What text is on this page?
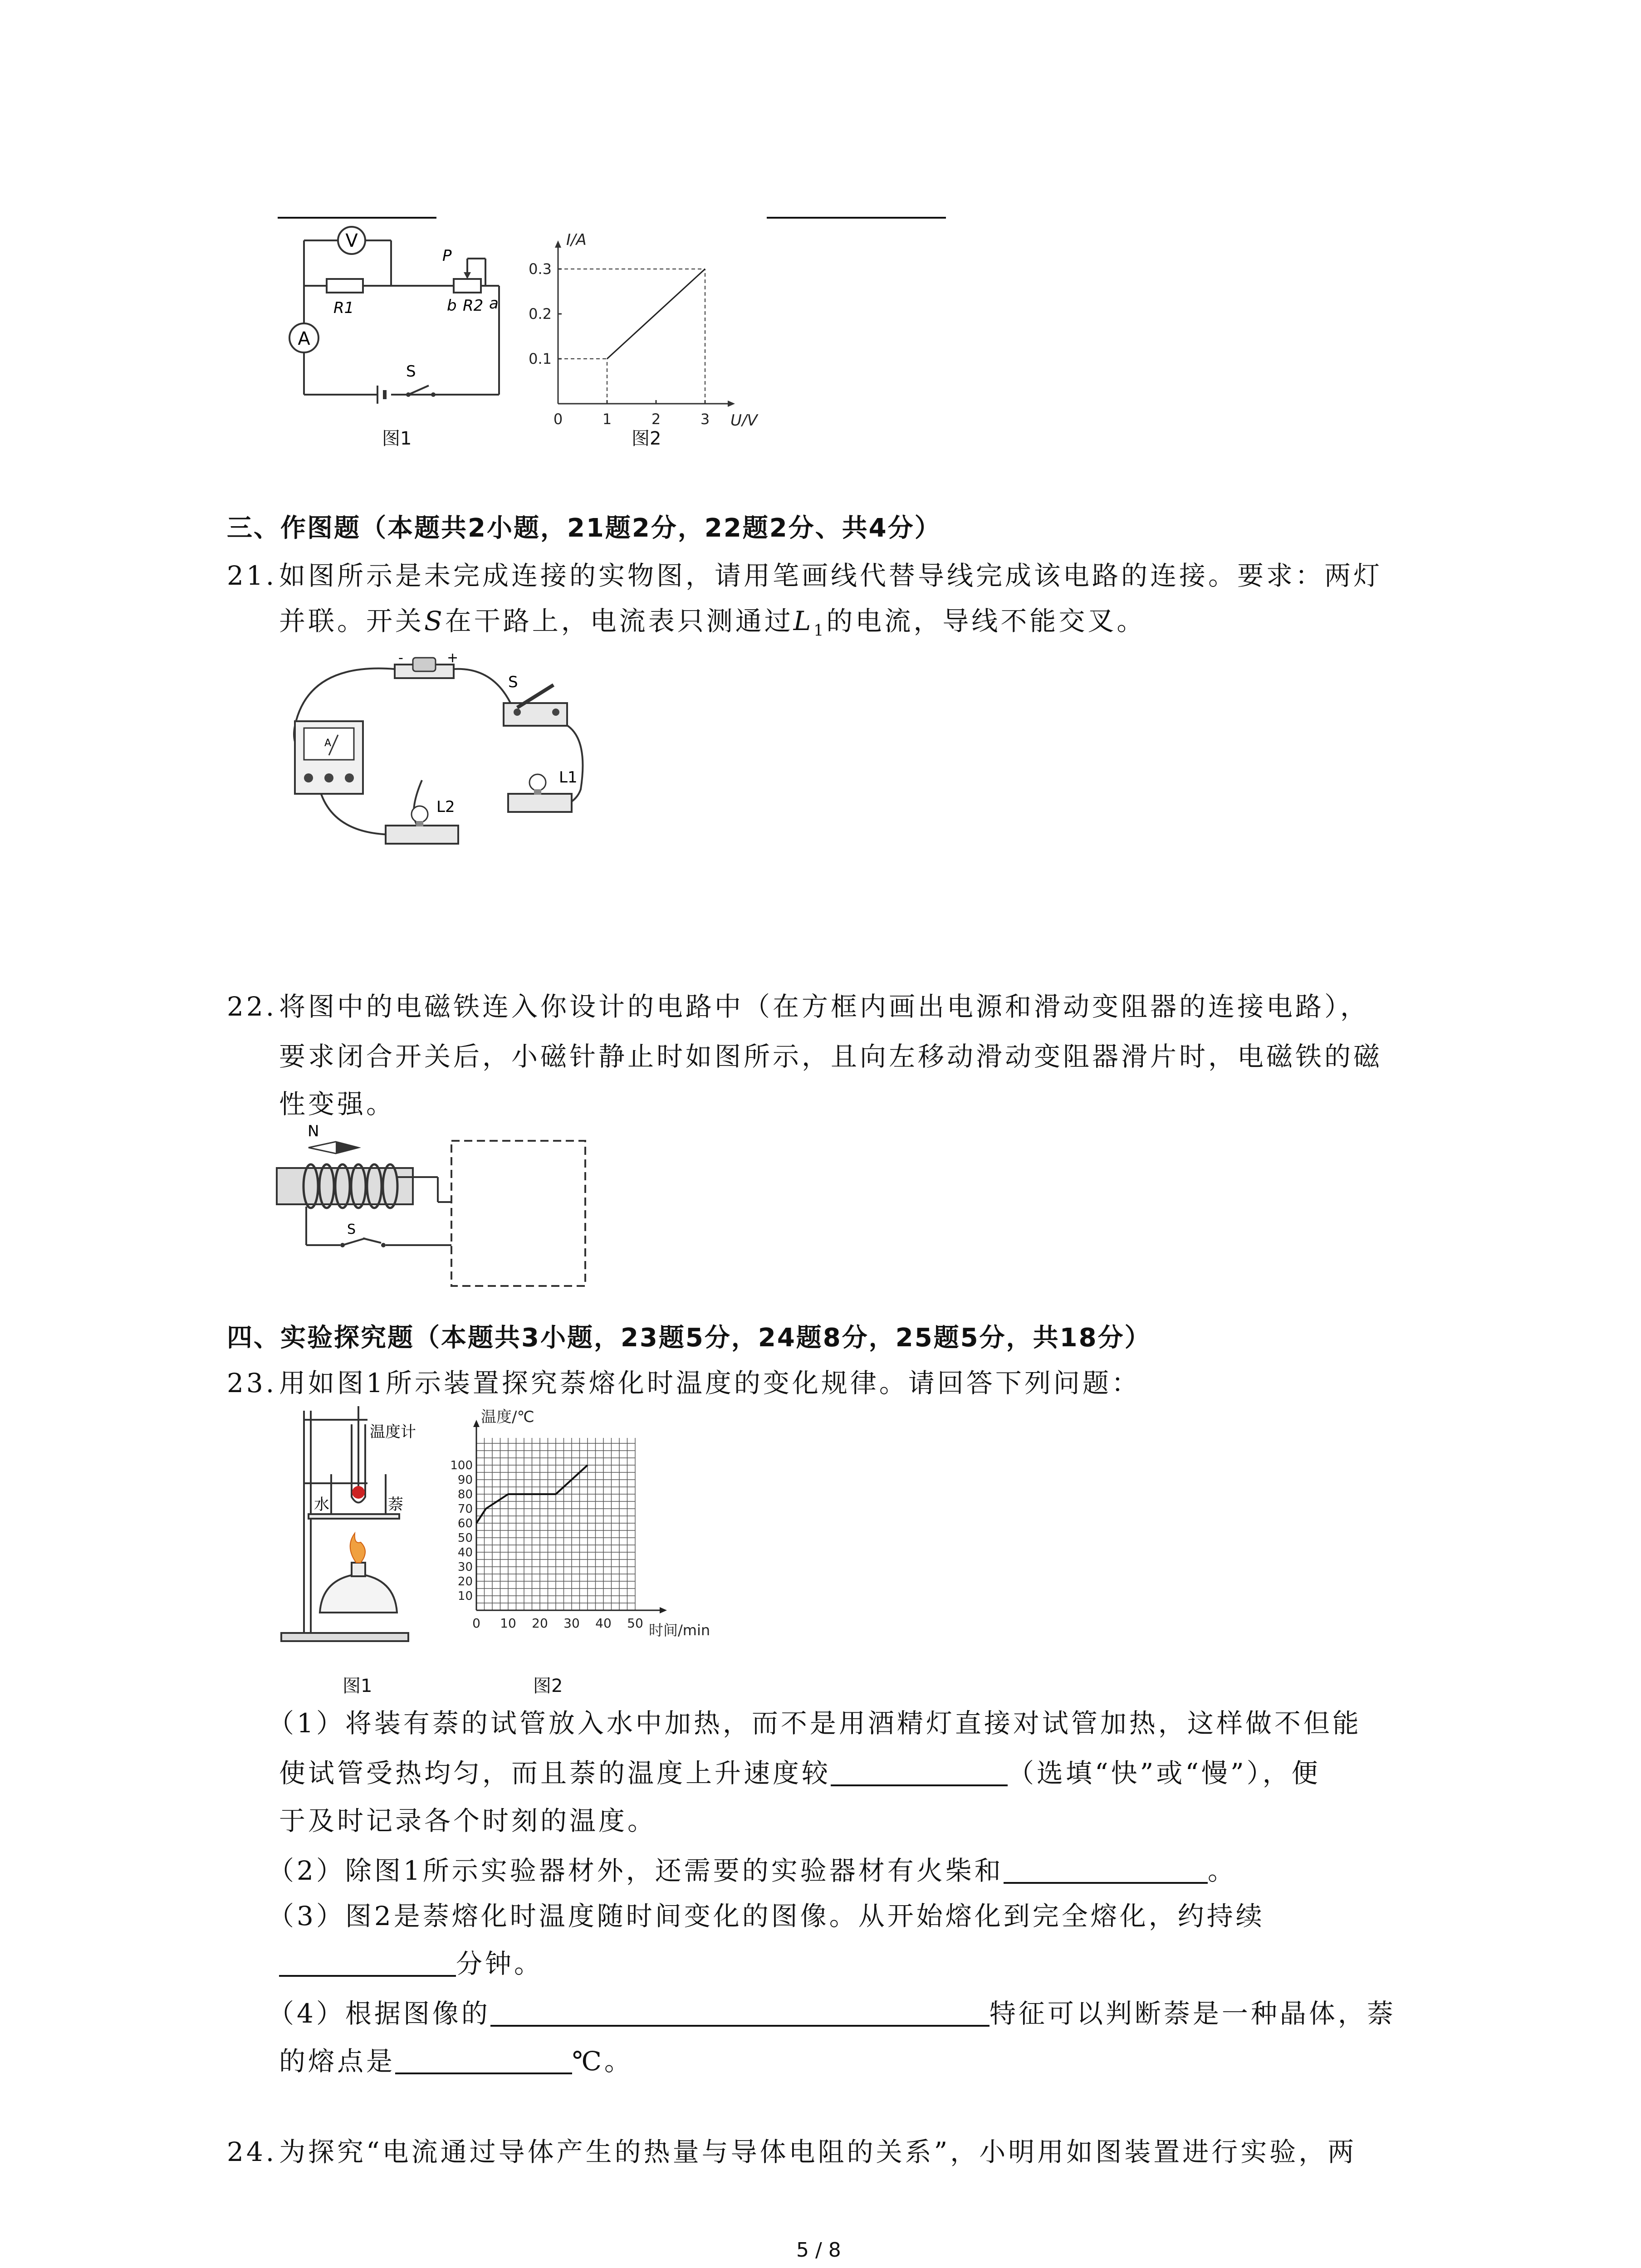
V
A
S
R1	b R2 a
P
图1
0	1	2	3
0.1
0.2
0.3
U/V
I/A
图2
三、作图题（本题共2小题，21题2分，22题2分、共4分）
21. 如图所示是未完成连接的实物图，请用笔画线代替导线完成该电路的连接。要求：两灯
并联。开关S在干路上，电流表只测通过$L_1$的电流，导线不能交叉。
-	+
A
S
L1
L2
22. 将图中的电磁铁连入你设计的电路中（在方框内画出电源和滑动变阻器的连接电路），
要求闭合开关后，小磁针静止时如图所示，且向左移动滑动变阻器滑片时，电磁铁的磁
性变强。
N
S
四、实验探究题（本题共3小题，23题5分，24题8分，25题5分，共18分）
23. 用如图1所示装置探究萘熔化时温度的变化规律。请回答下列问题：
温度计
水	萘
图1
0 10 20 30 40 50
10
20
30
40
50
60
70
80
90
100
温度/℃
时间/min
图2
（1）将装有萘的试管放入水中加热，而不是用酒精灯直接对试管加热，这样做不但能
使试管受热均匀，而且萘的温度上升速度较	（选填“快”或“慢”），便
于及时记录各个时刻的温度。
（2）除图1所示实验器材外，还需要的实验器材有火柴和	。
（3）图2是萘熔化时温度随时间变化的图像。从开始熔化到完全熔化，约持续
分钟。
（4）根据图像的	特征可以判断萘是一种晶体，萘
的熔点是	℃。
24. 为探究“电流通过导体产生的热量与导体电阻的关系”，小明用如图装置进行实验，两
5 / 8
